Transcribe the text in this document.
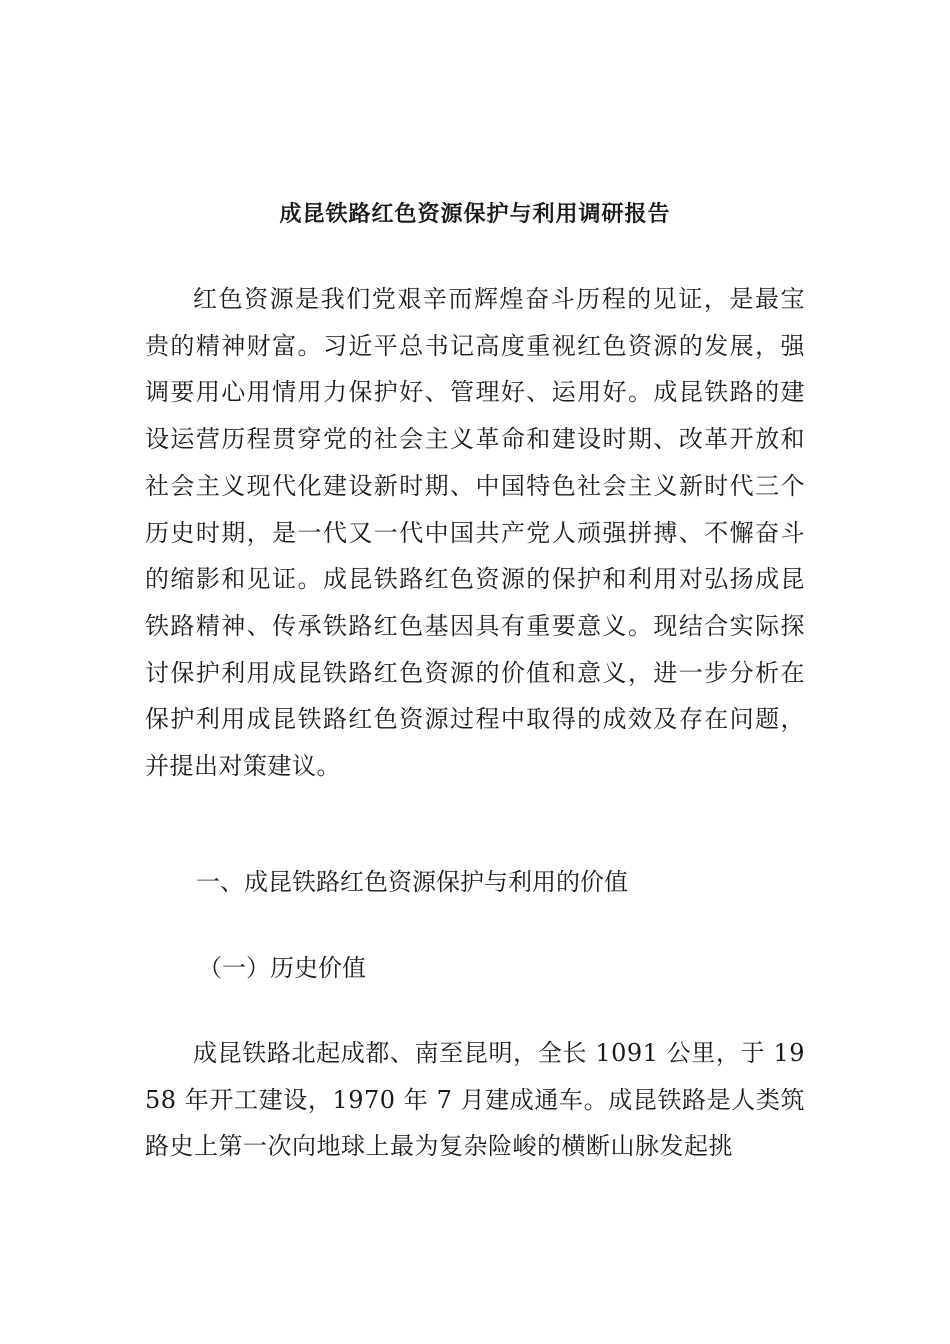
成昆铁路红色资源保护与利用调研报告

红色资源是我们党艰辛而辉煌奋斗历程的见证，是最宝贵的精神财富。习近平总书记高度重视红色资源的发展，强调要用心用情用力保护好、管理好、运用好。成昆铁路的建设运营历程贯穿党的社会主义革命和建设时期、改革开放和社会主义现代化建设新时期、中国特色社会主义新时代三个历史时期，是一代又一代中国共产党人顽强拼搏、不懈奋斗的缩影和见证。成昆铁路红色资源的保护和利用对弘扬成昆铁路精神、传承铁路红色基因具有重要意义。现结合实际探讨保护利用成昆铁路红色资源的价值和意义，进一步分析在保护利用成昆铁路红色资源过程中取得的成效及存在问题，并提出对策建议。

一、成昆铁路红色资源保护与利用的价值

（一）历史价值

成昆铁路北起成都、南至昆明，全长 1091 公里，于 1958 年开工建设，1970 年 7 月建成通车。成昆铁路是人类筑路史上第一次向地球上最为复杂险峻的横断山脉发起挑
